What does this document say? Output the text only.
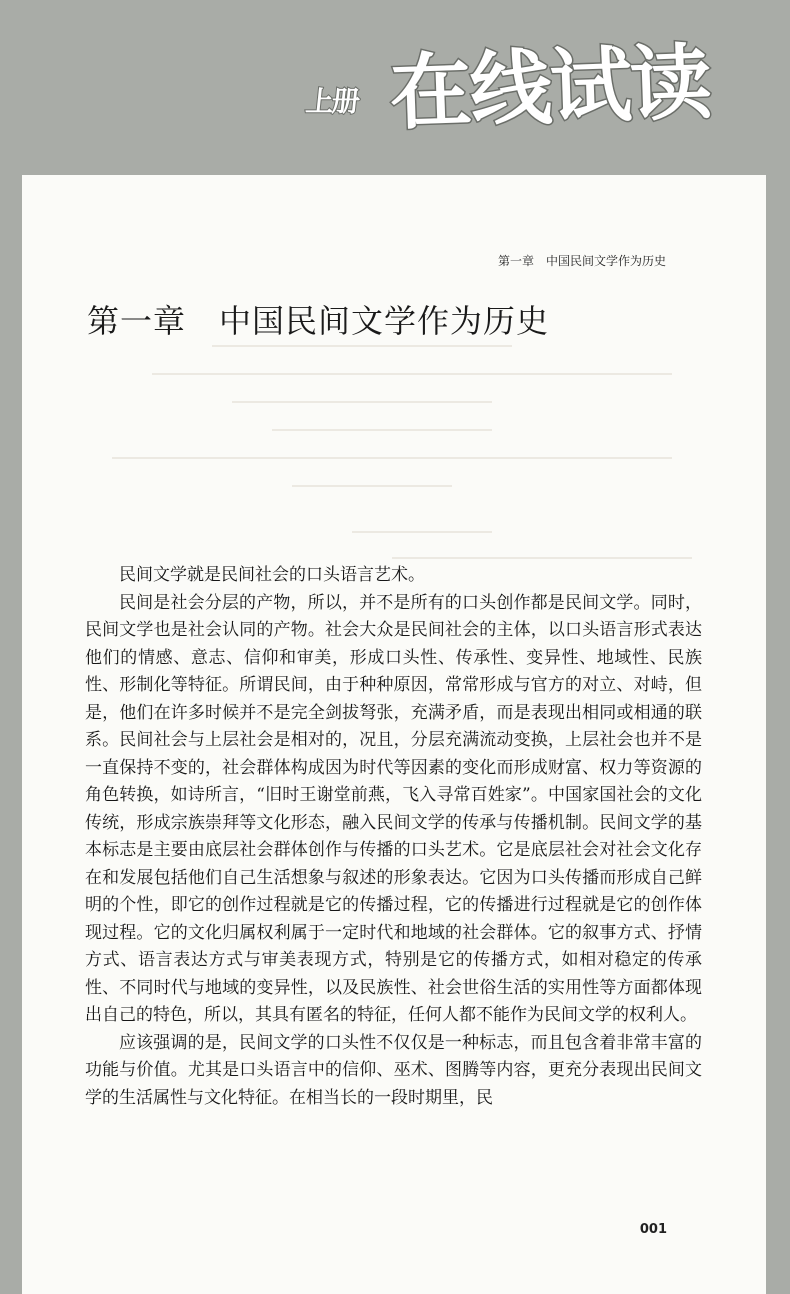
上册 在线试读
第一章　中国民间文学作为历史
第一章　中国民间文学作为历史

民间文学就是民间社会的口头语言艺术。

民间是社会分层的产物，所以，并不是所有的口头创作都是民间文学。同时，民间文学也是社会认同的产物。社会大众是民间社会的主体，以口头语言形式表达他们的情感、意志、信仰和审美，形成口头性、传承性、变异性、地域性、民族性、形制化等特征。所谓民间，由于种种原因，常常形成与官方的对立、对峙，但是，他们在许多时候并不是完全剑拔弩张，充满矛盾，而是表现出相同或相通的联系。民间社会与上层社会是相对的，况且，分层充满流动变换，上层社会也并不是一直保持不变的，社会群体构成因为时代等因素的变化而形成财富、权力等资源的角色转换，如诗所言，“旧时王谢堂前燕，飞入寻常百姓家”。中国家国社会的文化传统，形成宗族崇拜等文化形态，融入民间文学的传承与传播机制。民间文学的基本标志是主要由底层社会群体创作与传播的口头艺术。它是底层社会对社会文化存在和发展包括他们自己生活想象与叙述的形象表达。它因为口头传播而形成自己鲜明的个性，即它的创作过程就是它的传播过程，它的传播进行过程就是它的创作体现过程。它的文化归属权利属于一定时代和地域的社会群体。它的叙事方式、抒情方式、语言表达方式与审美表现方式，特别是它的传播方式，如相对稳定的传承性、不同时代与地域的变异性，以及民族性、社会世俗生活的实用性等方面都体现出自己的特色，所以，其具有匿名的特征，任何人都不能作为民间文学的权利人。

应该强调的是，民间文学的口头性不仅仅是一种标志，而且包含着非常丰富的功能与价值。尤其是口头语言中的信仰、巫术、图腾等内容，更充分表现出民间文学的生活属性与文化特征。在相当长的一段时期里，民

001
